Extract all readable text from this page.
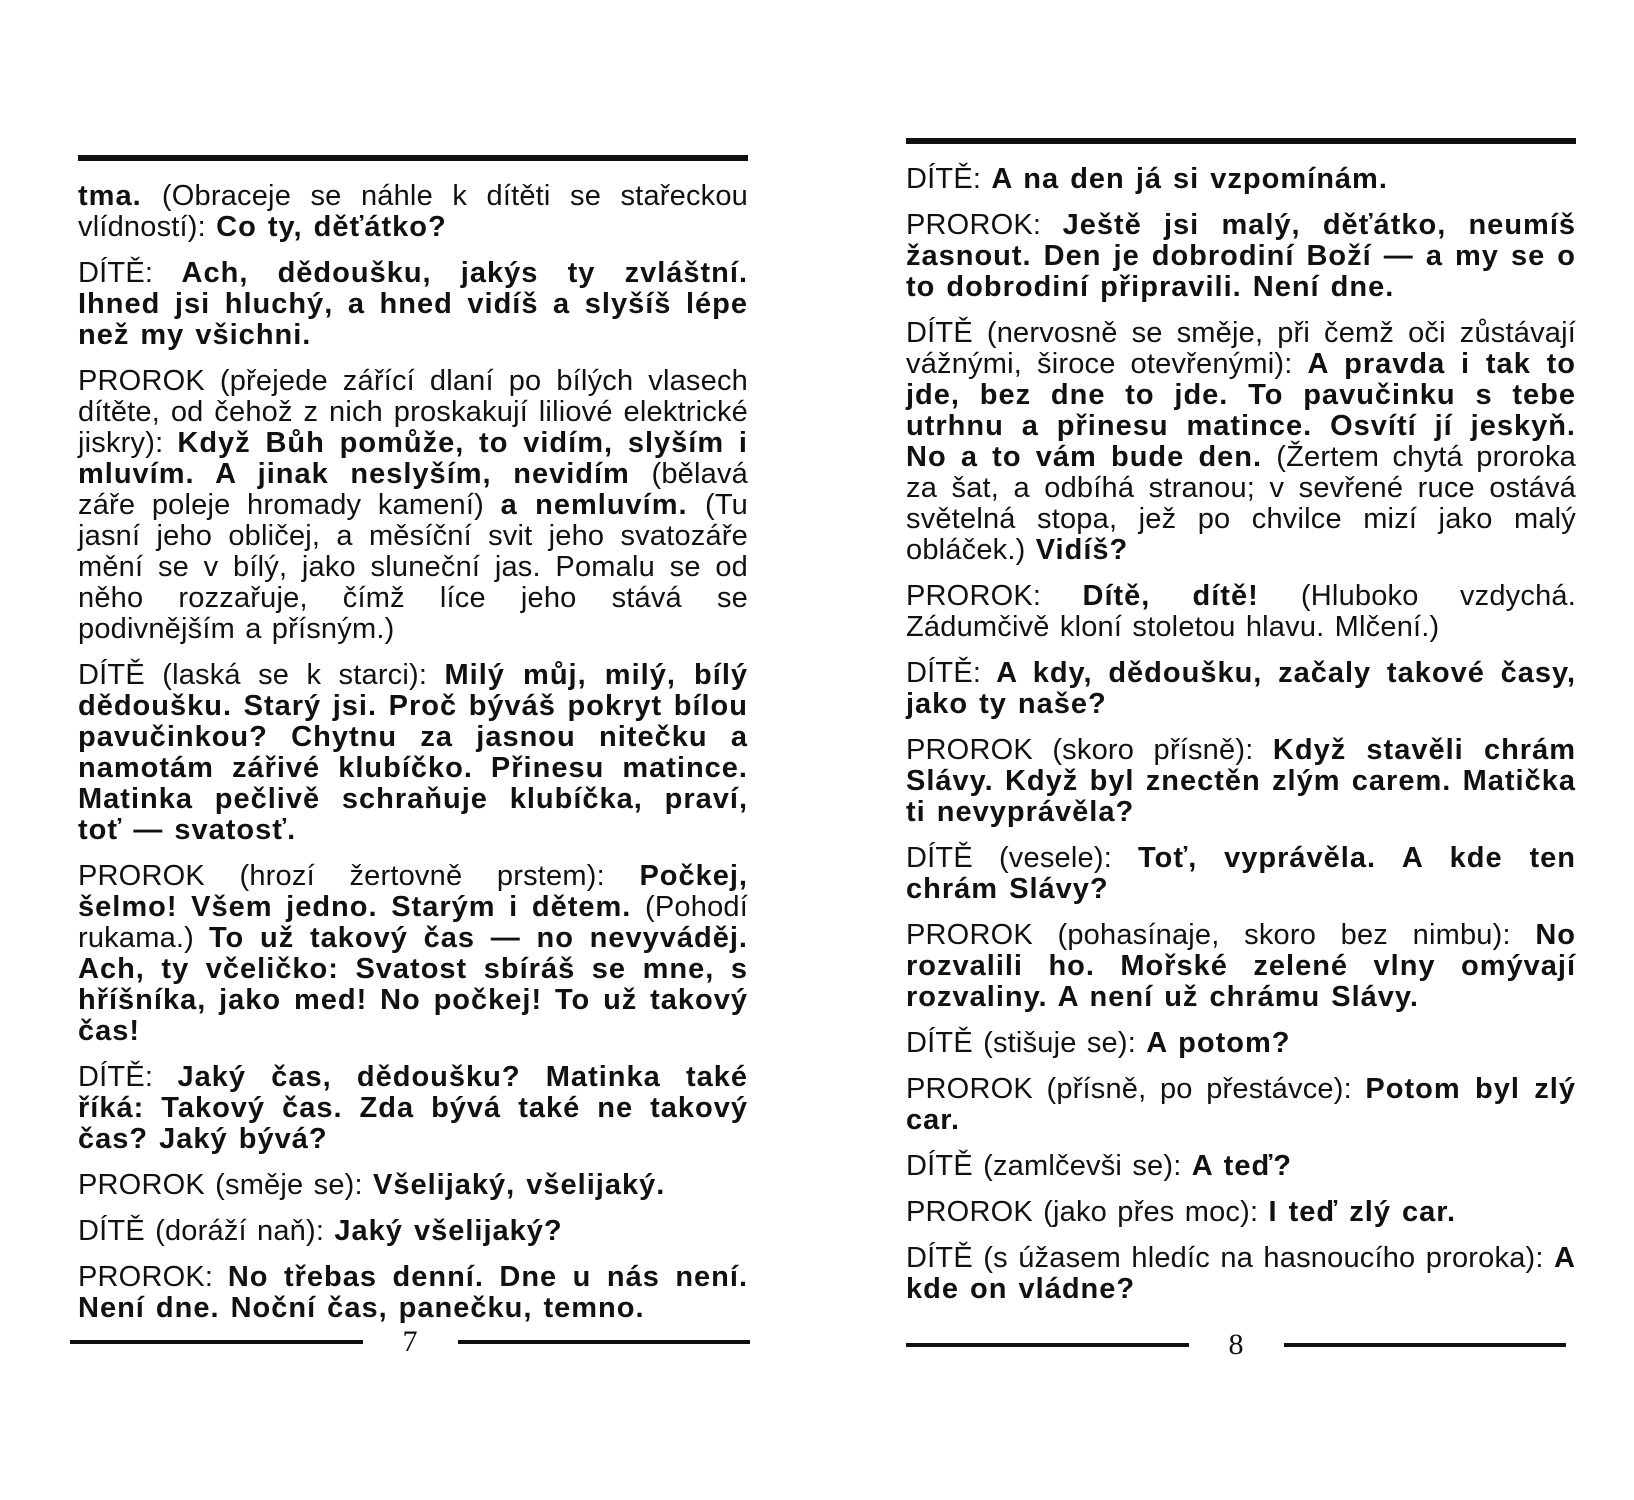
tma. (Obraceje se náhle k dítěti se stařeckou vlídností): Co ty, děťátko?

DÍTĚ: Ach, dědoušku, jakýs ty zvláštní. Ihned jsi hluchý, a hned vidíš a slyšíš lépe než my všichni.

PROROK (přejede zářící dlaní po bílých vlasech dítěte, od čehož z nich proskakují liliové elektrické jiskry): Když Bůh pomůže, to vidím, slyším i mluvím. A jinak neslyším, nevidím (bělavá záře poleje hromady kamení) a nemluvím. (Tu jasní jeho obličej, a měsíční svit jeho svatozáře mění se v bílý, jako sluneční jas. Pomalu se od něho rozzařuje, čímž líce jeho stává se podivnějším a přísným.)

DÍTĚ (laská se k starci): Milý můj, milý, bílý dědoušku. Starý jsi. Proč býváš pokryt bílou pavučinkou? Chytnu za jasnou nitečku a namotám zářivé klubíčko. Přinesu matince. Matinka pečlivě schraňuje klubíčka, praví, toť — svatosť.

PROROK (hrozí žertovně prstem): Počkej, šelmo! Všem jedno. Starým i dětem. (Pohodí rukama.) To už takový čas — no nevyváděj. Ach, ty včeličko: Svatost sbíráš se mne, s hříšníka, jako med! No počkej! To už takový čas!

DÍTĚ: Jaký čas, dědoušku? Matinka také říká: Takový čas. Zda bývá také ne takový čas? Jaký bývá?

PROROK (směje se): Všelijaký, všelijaký.

DÍTĚ (doráží naň): Jaký všelijaký?

PROROK: No třebas denní. Dne u nás není. Není dne. Noční čas, panečku, temno.

7

DÍTĚ: A na den já si vzpomínám.

PROROK: Ještě jsi malý, děťátko, neumíš žasnout. Den je dobrodiní Boží — a my se o to dobrodiní připravili. Není dne.

DÍTĚ (nervosně se směje, při čemž oči zůstávají vážnými, široce otevřenými): A pravda i tak to jde, bez dne to jde. To pavučinku s tebe utrhnu a přinesu matince. Osvítí jí jeskyň. No a to vám bude den. (Žertem chytá proroka za šat, a odbíhá stranou; v sevřené ruce ostává světelná stopa, jež po chvilce mizí jako malý obláček.) Vidíš?

PROROK: Dítě, dítě! (Hluboko vzdychá. Zádumčivě kloní stoletou hlavu. Mlčení.)

DÍTĚ: A kdy, dědoušku, začaly takové časy, jako ty naše?

PROROK (skoro přísně): Když stavěli chrám Slávy. Když byl znectěn zlým carem. Matička ti nevyprávěla?

DÍTĚ (vesele): Toť, vyprávěla. A kde ten chrám Slávy?

PROROK (pohasínaje, skoro bez nimbu): No rozvalili ho. Mořské zelené vlny omývají rozvaliny. A není už chrámu Slávy.

DÍTĚ (stišuje se): A potom?

PROROK (přísně, po přestávce): Potom byl zlý car.

DÍTĚ (zamlčevši se): A teď?

PROROK (jako přes moc): I teď zlý car.

DÍTĚ (s úžasem hledíc na hasnoucího proroka): A kde on vládne?

8
